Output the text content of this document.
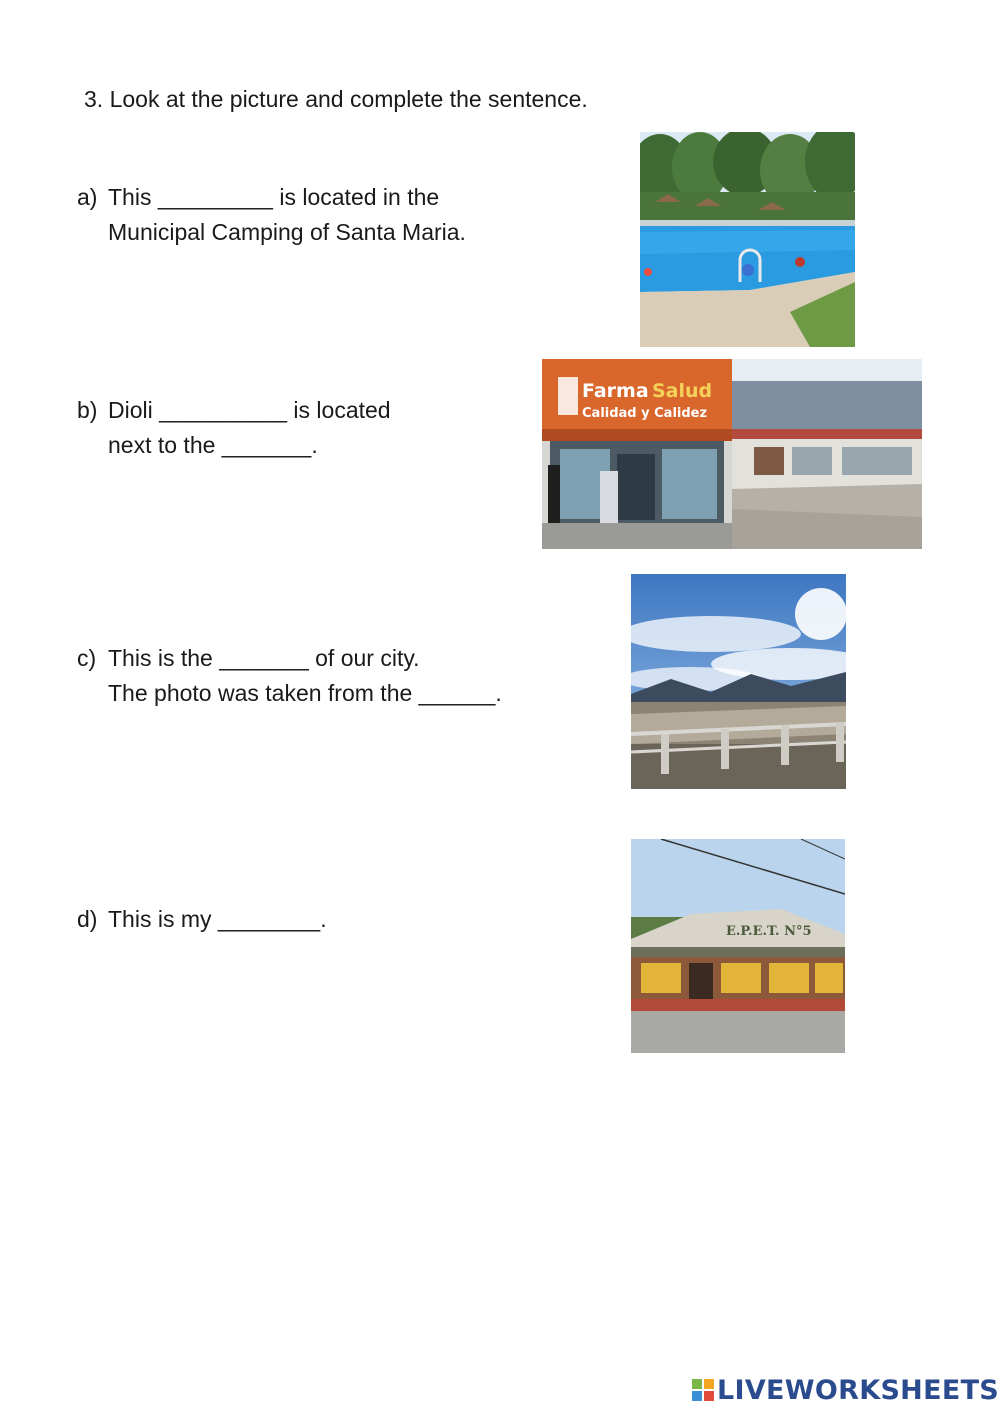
3. Look at the picture and complete the sentence.
a) This _________ is located in the
Municipal Camping of Santa Maria.
b) Dioli __________ is located
next to the _______.
c) This is the _______ of our city.
The photo was taken from the ______.
d) This is my ________.
Farma Salud
Calidad y Calidez
E.P.E.T. N°5
LIVEWORKSHEETS
